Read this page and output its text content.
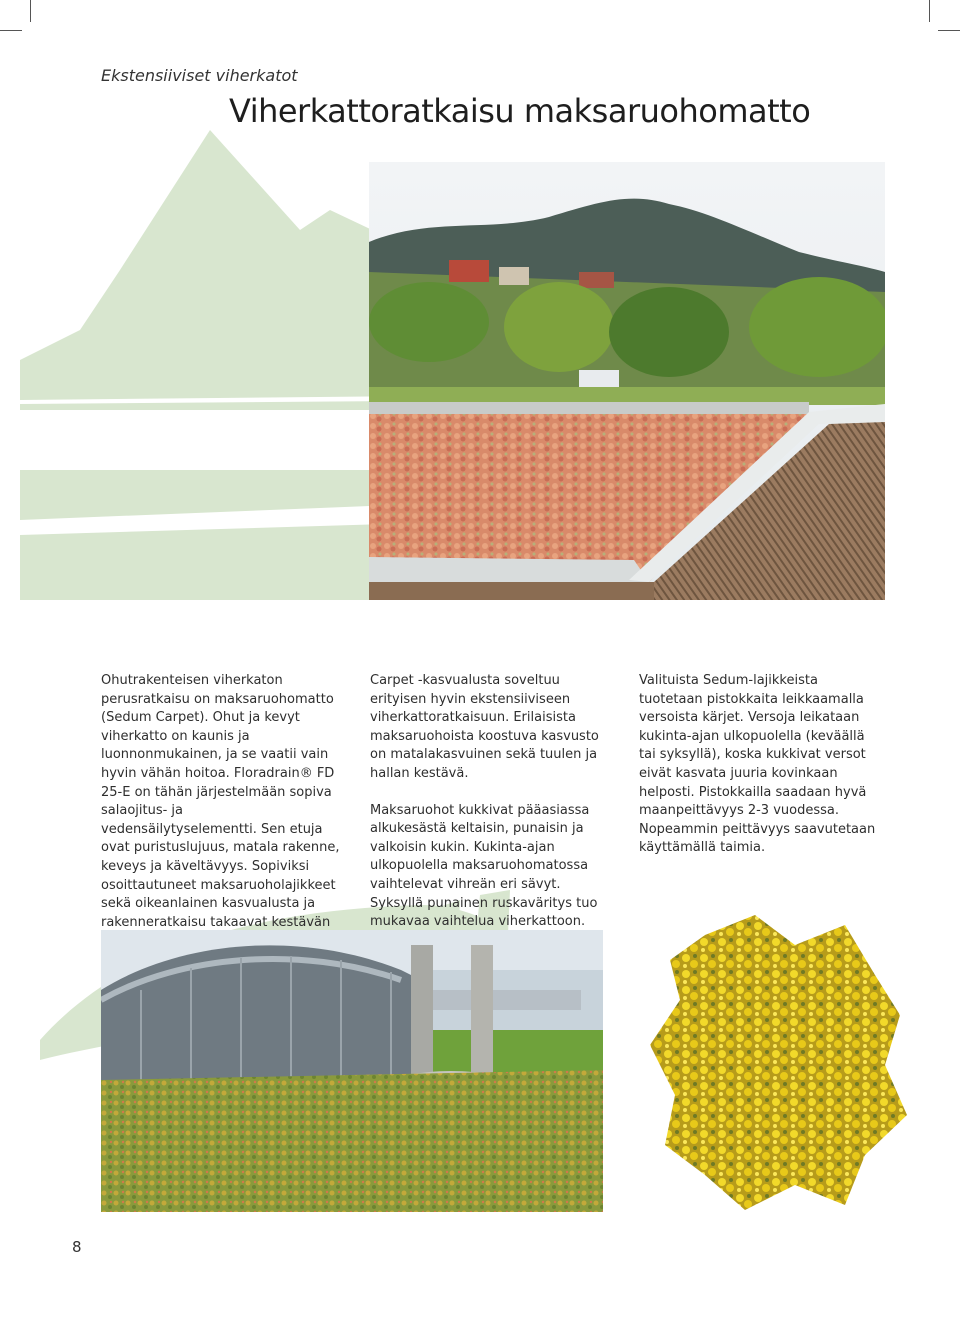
Ekstensiiviset viherkatot
Viherkattoratkaisu maksaruohomatto

Ohutrakenteisen viherkaton perusratkaisu on maksaruohomatto (Sedum Carpet). Ohut ja kevyt viherkatto on kaunis ja luonnonmukainen, ja se vaatii vain hyvin vähän hoitoa. Floradrain® FD 25-E on tähän järjestelmään sopiva salaojitus- ja vedensäilytyselementti. Sen etuja ovat puristuslujuus, matala rakenne, keveys ja käveltävyys. Sopiviksi osoittautuneet maksaruoholajikkeet sekä oikeanlainen kasvualusta ja rakenneratkaisu takaavat kestävän

Carpet -kasvualusta soveltuu erityisen hyvin ekstensiiviseen viherkattoratkaisuun. Erilaisista maksaruohoista koostuva kasvusto on matalakasvuinen sekä tuulen ja hallan kestävä.

Maksaruohot kukkivat pääasiassa alkukesästä keltaisin, punaisin ja valkoisin kukin. Kukinta-ajan ulkopuolella maksaruohomatossa vaihtelevat vihreän eri sävyt. Syksyllä punainen ruskaväritys tuo mukavaa vaihtelua viherkattoon.

Valituista Sedum-lajikkeista tuotetaan pistokkaita leikkaamalla versoista kärjet. Versoja leikataan kukinta-ajan ulkopuolella (keväällä tai syksyllä), koska kukkivat versot eivät kasvata juuria kovinkaan helposti. Pistokkailla saadaan hyvä maanpeittävyys 2-3 vuodessa. Nopeammin peittävyys saavutetaan käyttämällä taimia.

8
